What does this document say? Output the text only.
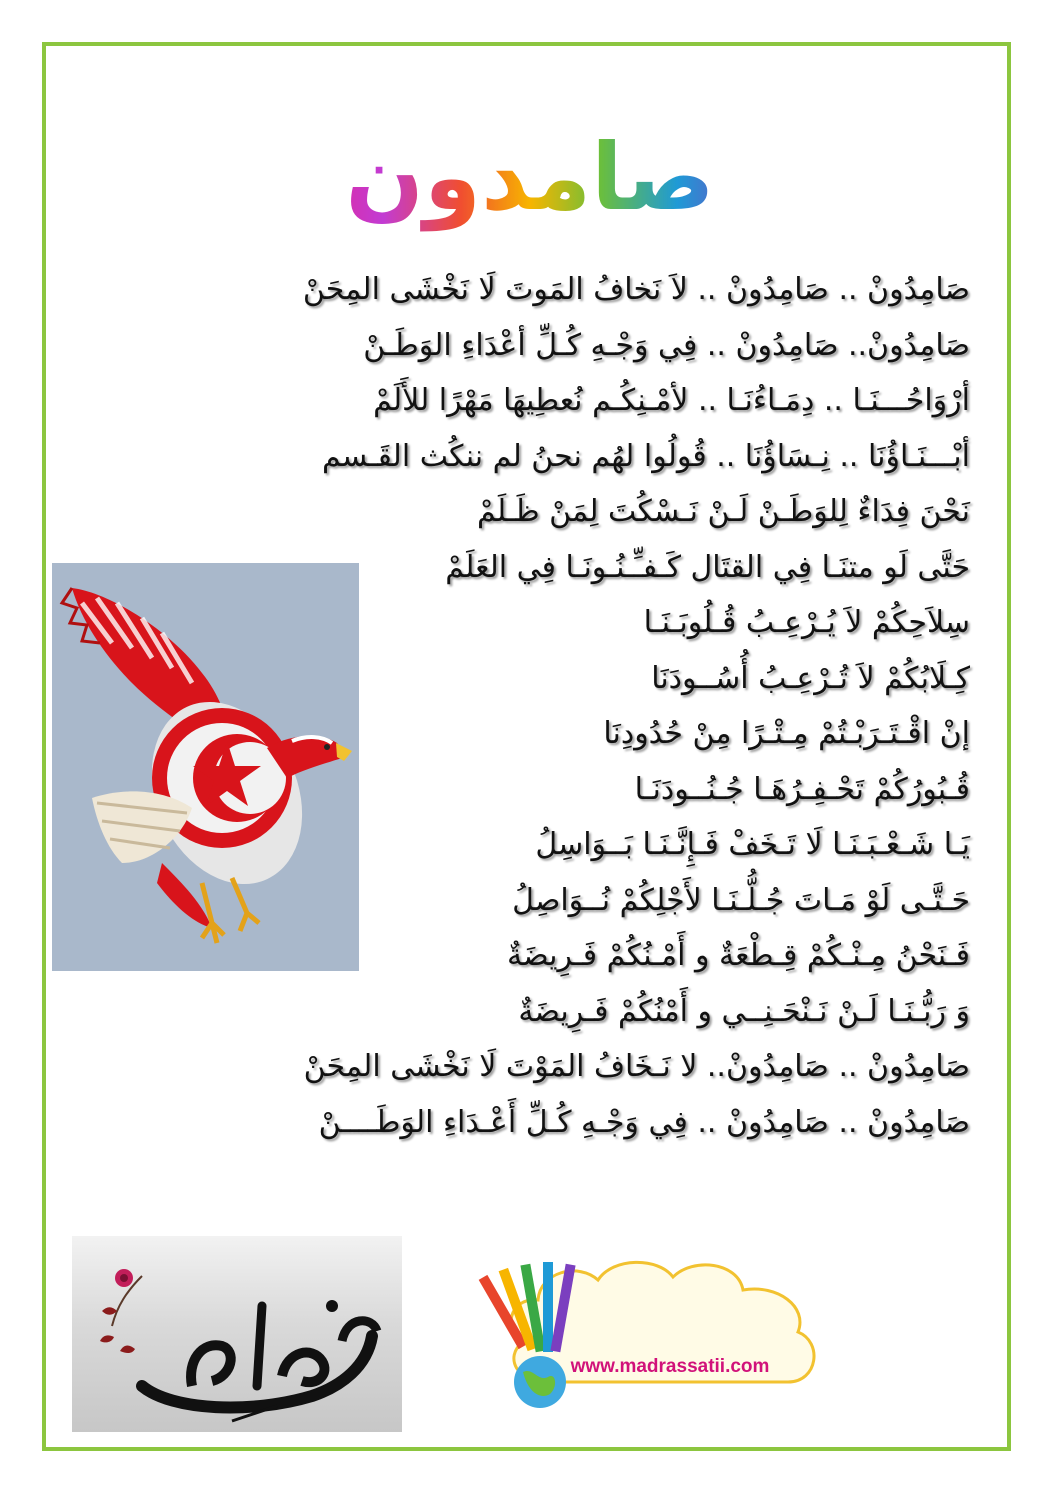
صامدون
صَامِدُونْ .. صَامِدُونْ .. لاَ نَخافُ المَوتَ لَا نَخْشَى المِحَنْ
صَامِدُونْ.. صَامِدُونْ .. فِي وَجْـهِ كُـلِّ أعْدَاءِ الوَطَـنْ
أرْوَاحُـــنَـا .. دِمَـاءُنَـا .. لأمْـنِكُـم نُعطِيهَا مَهْرًا للأَلَمْ
أبْـــنَـاؤُنَا .. نِـسَاؤُنَا .. قُولُوا لهُم نحنُ لم ننكُث القَـسم
نَحْنَ فِدَاءٌ لِلوَطَـنْ لَـنْ نَـسْكُتَ لِمَنْ ظَـلَمْ
حَتَّى لَو متنَـا فِي القتَال كَـفـِّـنُـونَـا فِي العَلَمْ
سِلاَحِكُمْ لاَ يُـرْعِـبُ قُـلُوبَـنَـا
كِـلَابُكُمْ لاَ تُـرْعِـبُ أُسُــودَنَا
إنْ اقْـتَـرَبْـتُمْ مِـتْـرًا مِنْ حُدُودِنَا
قُـبُورُكُمْ تَحْـفِـرُهَـا جُـنُــودَنَـا
يَـا شَـعْـبَـنَـا لَا تَـخَفْ فَـإِنَّـنَـا بَــوَاسِلُ
حَـتَّـى لَوْ مَـاتَ جُـلُّـنَـا لأَجْلِكُمْ نُــوَاصِلُ
فَـنَحْنُ مِـنْـكُمْ قِـطْعَةٌ و أَمْـنُكُمْ فَـرِيضَةٌ
وَ رَبُّـنَـا لَـنْ نَـنْحَـنِــي و أَمْنُكُمْ فَـرِيضَةٌ
صَامِدُونْ .. صَامِدُونْ.. لا نَـخَافُ المَوْتَ لَا نَخْشَى المِحَنْ
صَامِدُونْ .. صَامِدُونْ .. فِي وَجْـهِ كُـلِّ أَعْـدَاءِ الوَطَــــنْ
www.madrassatii.com
